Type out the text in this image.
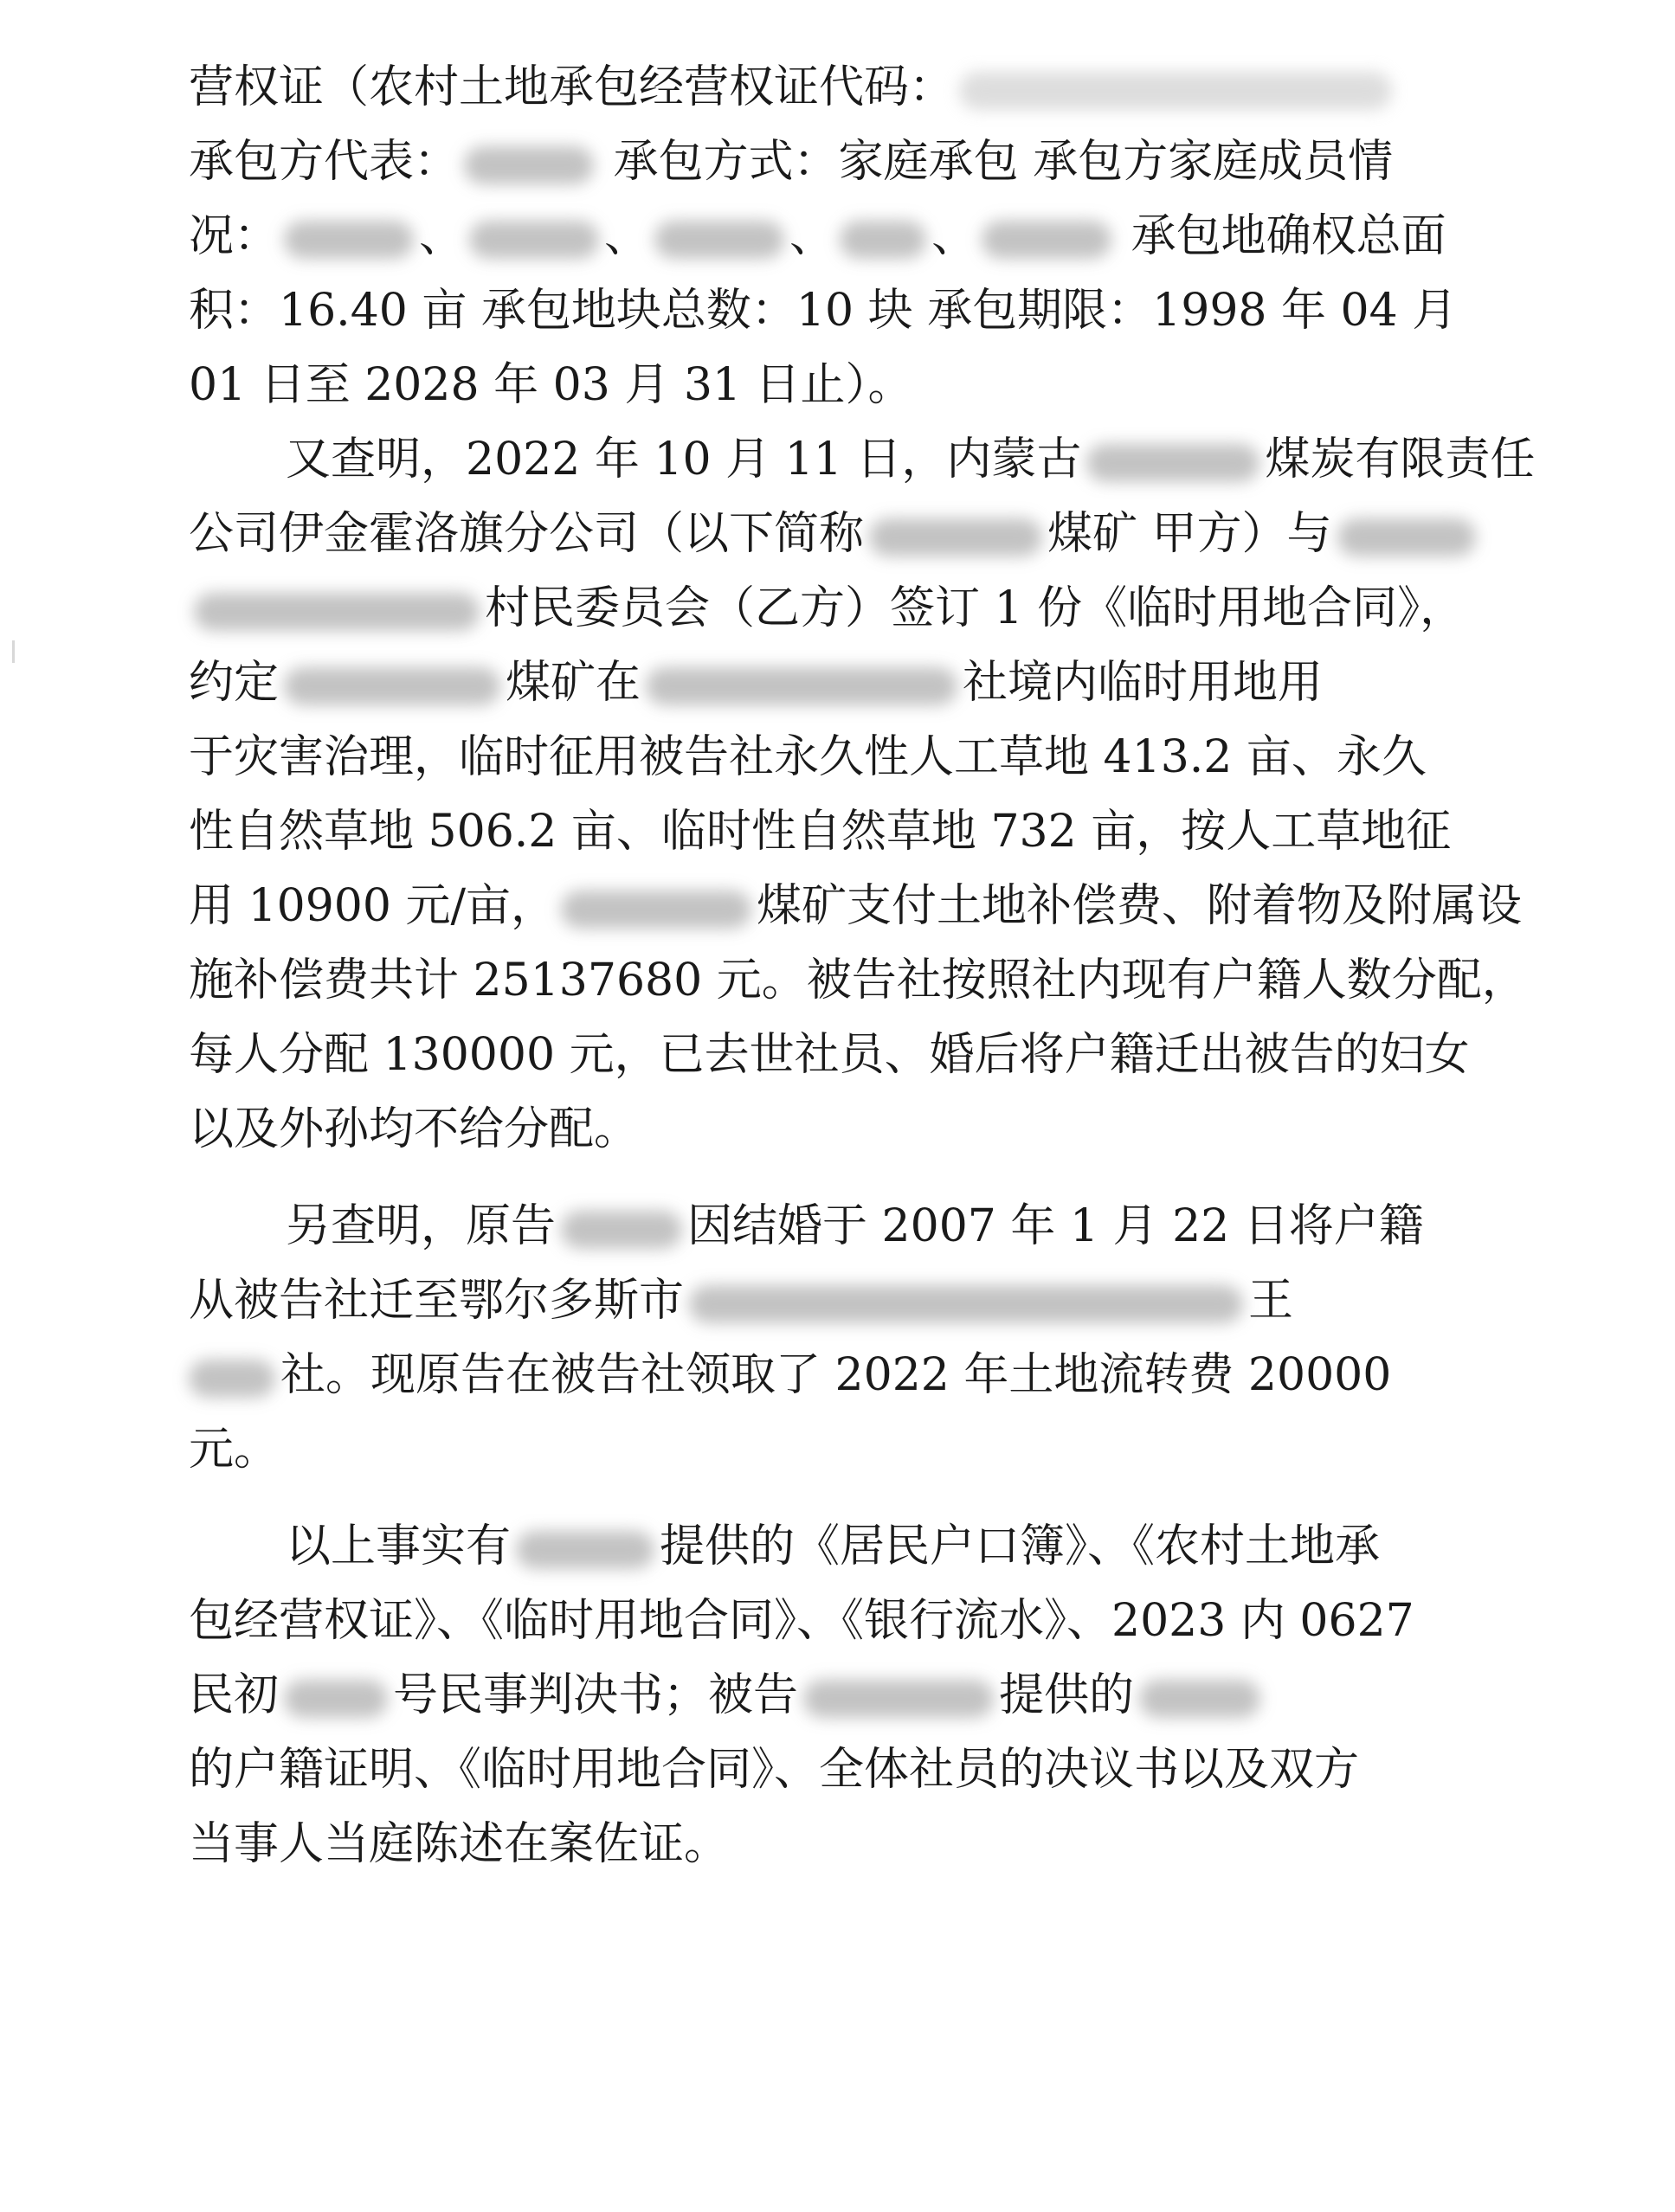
营权证（农村土地承包经营权证代码：
承包方代表：	承包方式：家庭承包 承包方家庭成员情
况：	、	、	、 、	承包地确权总面
积：16.40 亩 承包地块总数：10 块 承包期限：1998 年 04 月
01 日至 2028 年 03 月 31 日止）。
又查明，2022 年 10 月 11 日，内蒙古	煤炭有限责任
公司伊金霍洛旗分公司（以下简称	煤矿 甲方）与
村民委员会（乙方）签订 1 份《临时用地合同》，
约定	煤矿在	社境内临时用地用
于灾害治理，临时征用被告社永久性人工草地 413.2 亩、永久
性自然草地 506.2 亩、临时性自然草地 732 亩，按人工草地征
用 10900 元/亩，	煤矿支付土地补偿费、附着物及附属设
施补偿费共计 25137680 元。被告社按照社内现有户籍人数分配，
每人分配 130000 元，已去世社员、婚后将户籍迁出被告的妇女
以及外孙均不给分配。
另查明，原告	因结婚于 2007 年 1 月 22 日将户籍
从被告社迁至鄂尔多斯市	王
社。现原告在被告社领取了 2022 年土地流转费 20000
元。
以上事实有	提供的《居民户口簿》、《农村土地承
包经营权证》、《临时用地合同》、《银行流水》、2023 内 0627
民初	号民事判决书；被告	提供的
的户籍证明、《临时用地合同》、全体社员的决议书以及双方
当事人当庭陈述在案佐证。
